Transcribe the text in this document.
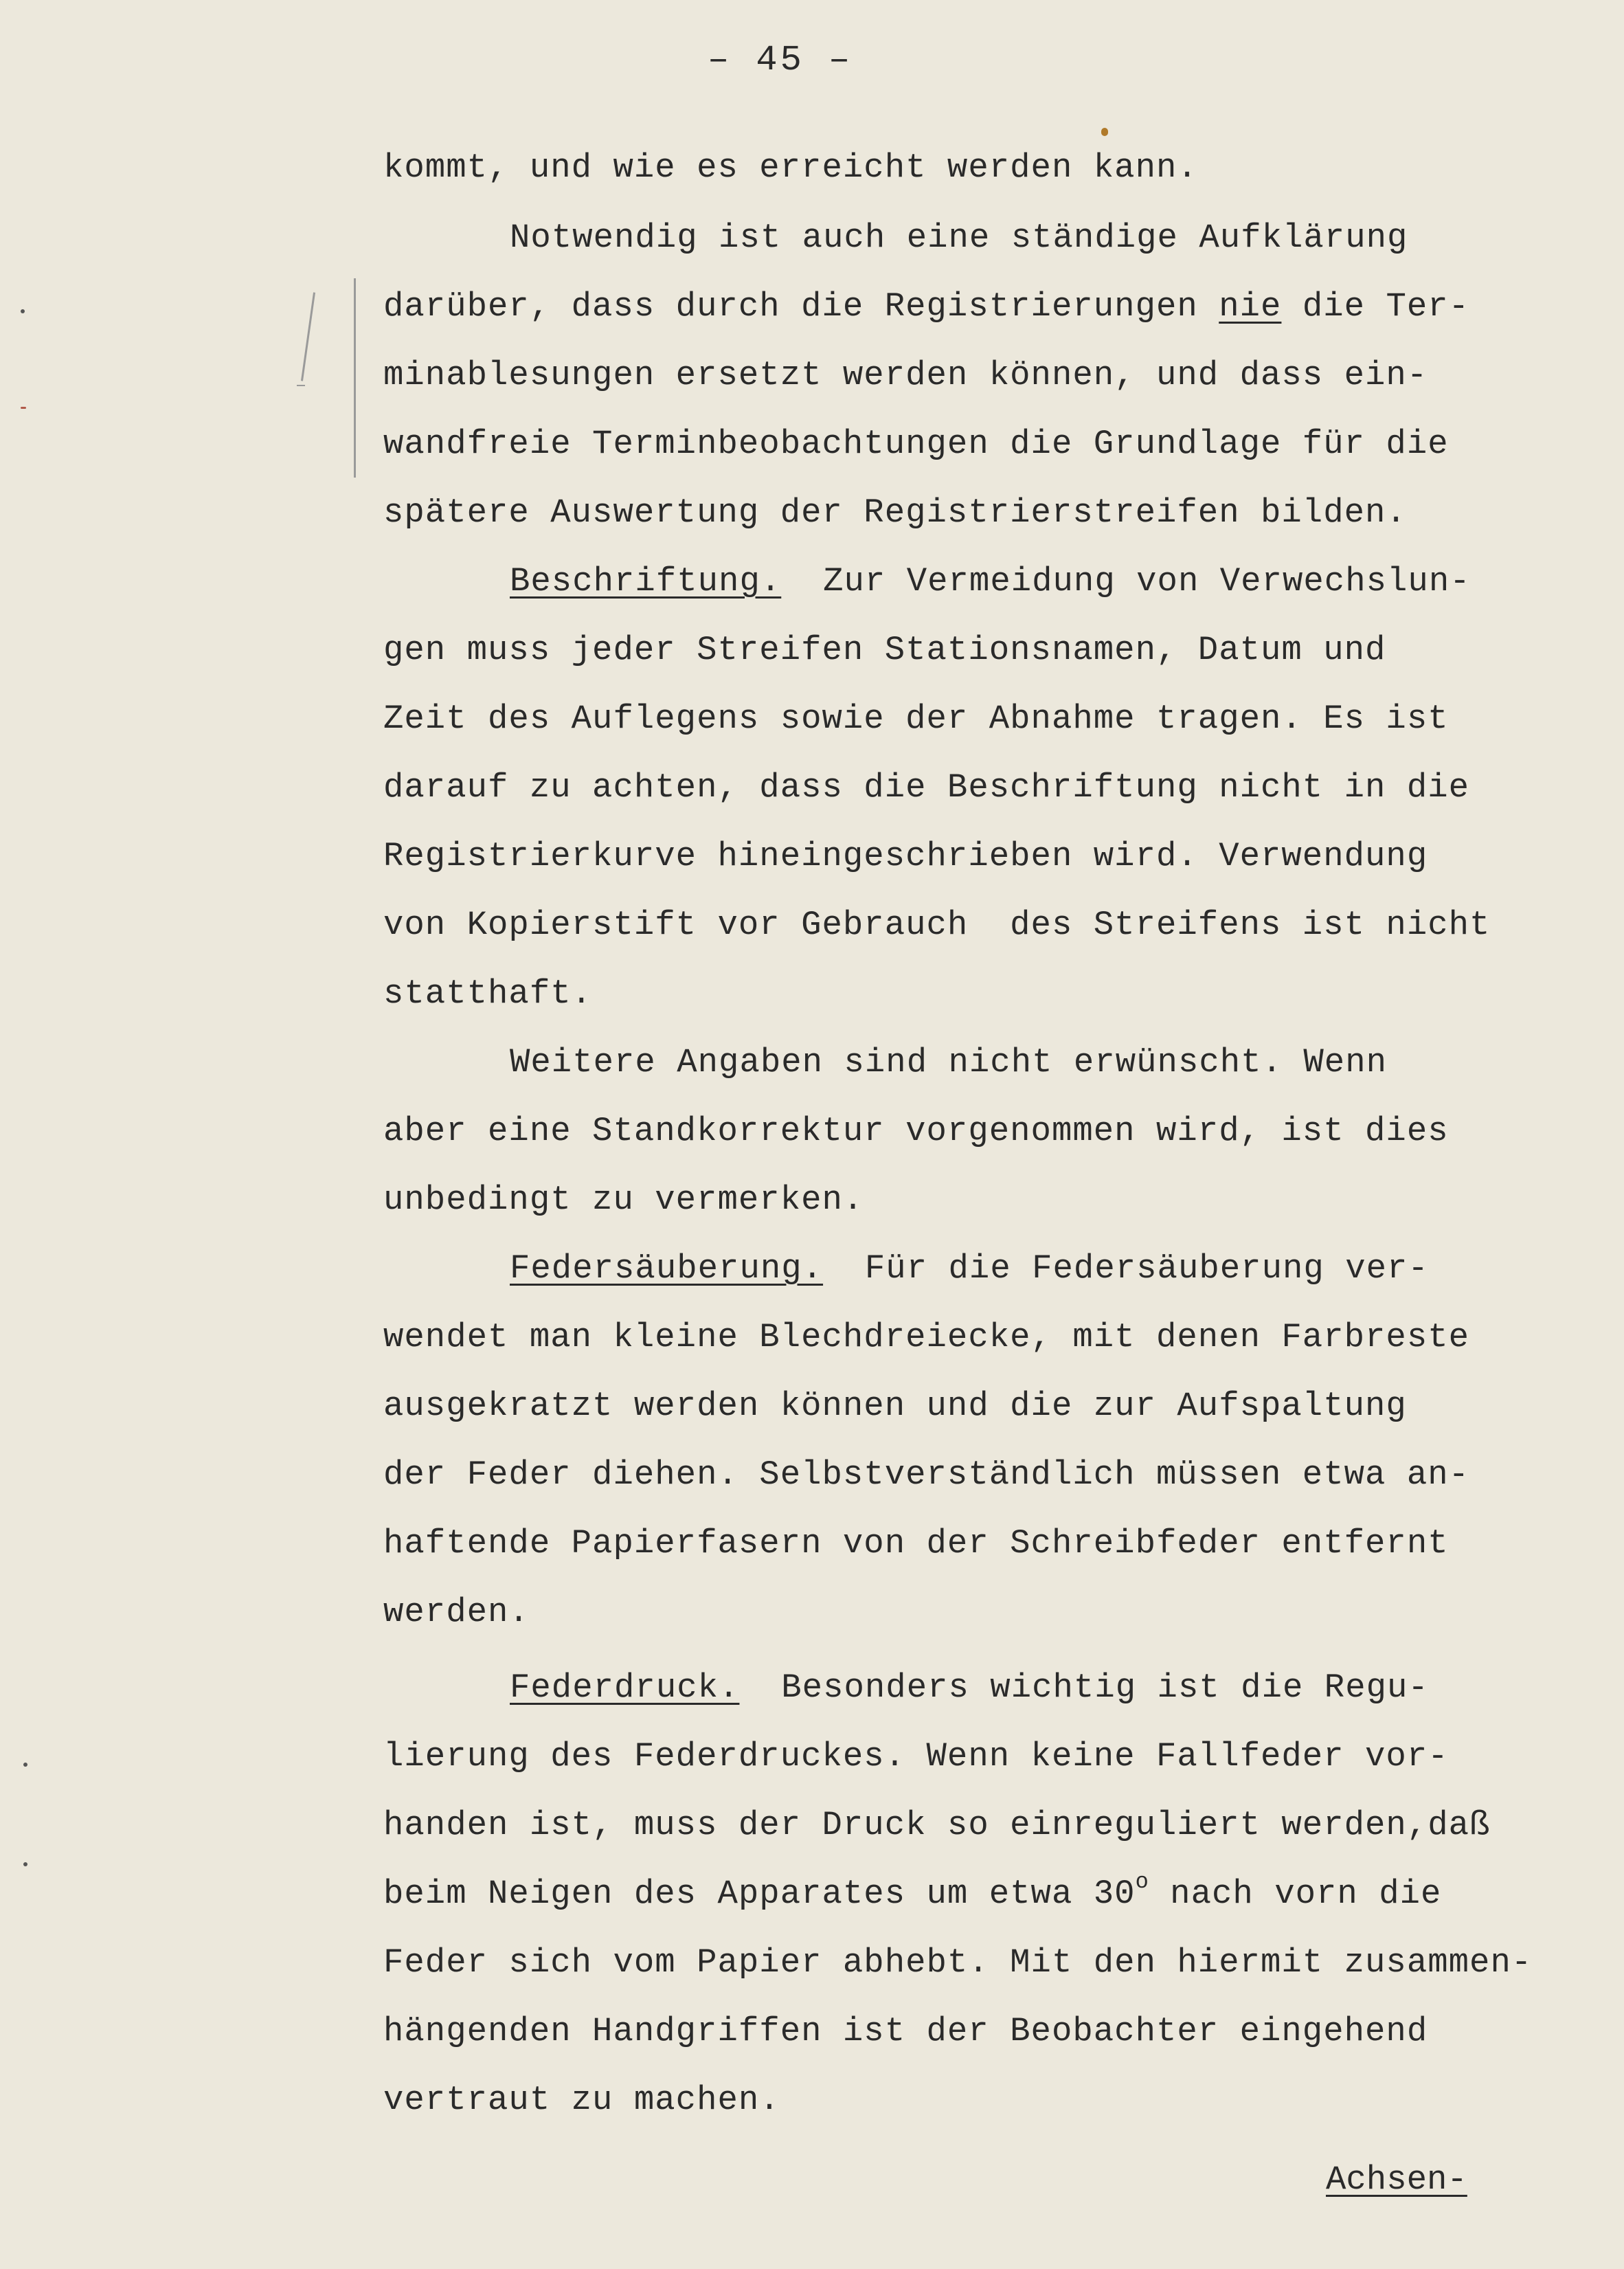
– 45 –
kommt, und wie es erreicht werden kann.
Notwendig ist auch eine ständige Aufklärung
darüber, dass durch die Registrierungen nie die Ter-
minablesungen ersetzt werden können, und dass ein-
wandfreie Terminbeobachtungen die Grundlage für die
spätere Auswertung der Registrierstreifen bilden.
Beschriftung.  Zur Vermeidung von Verwechslun-
gen muss jeder Streifen Stationsnamen, Datum und
Zeit des Auflegens sowie der Abnahme tragen. Es ist
darauf zu achten, dass die Beschriftung nicht in die
Registrierkurve hineingeschrieben wird. Verwendung
von Kopierstift vor Gebrauch  des Streifens ist nicht
statthaft.
Weitere Angaben sind nicht erwünscht. Wenn
aber eine Standkorrektur vorgenommen wird, ist dies
unbedingt zu vermerken.
Federsäuberung.  Für die Federsäuberung ver-
wendet man kleine Blechdreiecke, mit denen Farbreste
ausgekratzt werden können und die zur Aufspaltung
der Feder diehen. Selbstverständlich müssen etwa an-
haftende Papierfasern von der Schreibfeder entfernt
werden.
Federdruck.  Besonders wichtig ist die Regu-
lierung des Federdruckes. Wenn keine Fallfeder vor-
handen ist, muss der Druck so einreguliert werden,daß
beim Neigen des Apparates um etwa 30$^o$ nach vorn die
Feder sich vom Papier abhebt. Mit den hiermit zusammen-
hängenden Handgriffen ist der Beobachter eingehend
vertraut zu machen.
Achsen-
